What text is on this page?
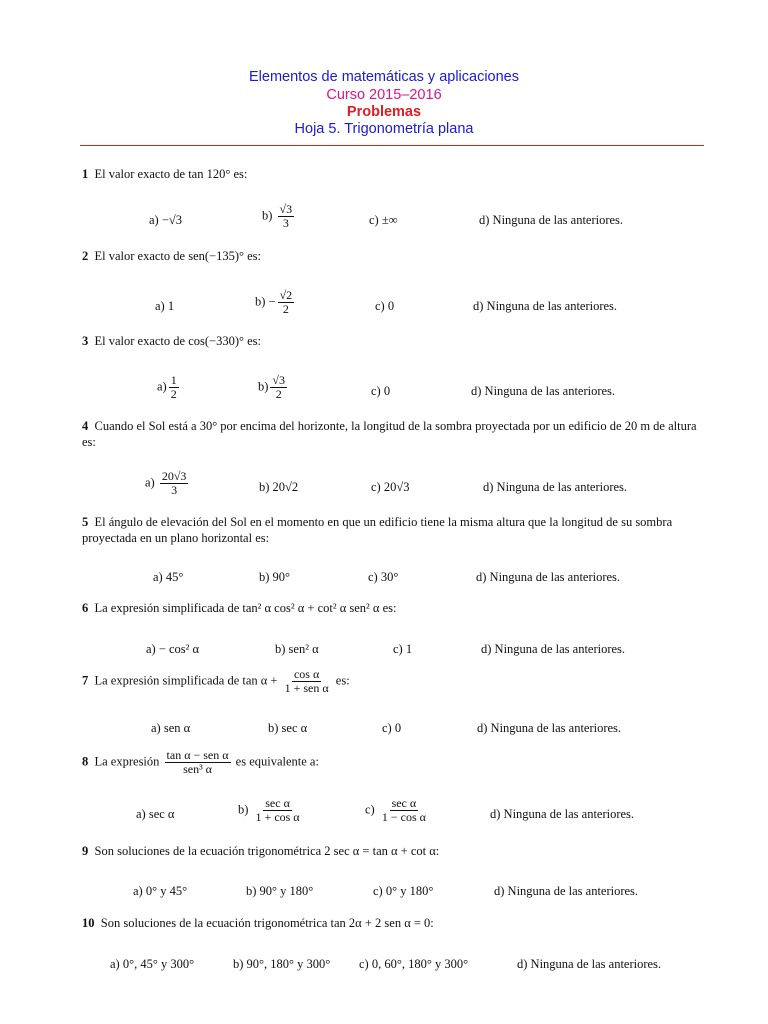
Elementos de matemáticas y aplicaciones
Curso 2015–2016
Problemas
Hoja 5. Trigonometría plana
1 El valor exacto de tan 120° es:
a) −√3	$b) \frac{√3}{3}$	c) ±∞	d) Ninguna de las anteriores.
2 El valor exacto de sen(−135)° es:
a) 1	$b) - \frac{√2}{2}$	c) 0	d) Ninguna de las anteriores.
3 El valor exacto de cos(−330)° es:
$a) \frac{1}{2}$	$b) \frac{√3}{2}$	c) 0	d) Ninguna de las anteriores.
4 Cuando el Sol está a 30° por encima del horizonte, la longitud de la sombra proyectada por un edificio de 20 m de altura es:
$a) \frac{20√3}{3}$	b) 20√2	c) 20√3	d) Ninguna de las anteriores.
5 El ángulo de elevación del Sol en el momento en que un edificio tiene la misma altura que la longitud de su sombra proyectada en un plano horizontal es:
a) 45°	b) 90°	c) 30°	d) Ninguna de las anteriores.
6 La expresión simplificada de tan² α cos² α + cot² α sen² α es:
a) − cos² α	b) sen² α	c) 1	d) Ninguna de las anteriores.
7 La expresión simplificada de $\tan \alpha + \frac{\text{cos α}}{\text{1 + sen α}}$ es:
a) sen α	b) sec α	c) 0	d) Ninguna de las anteriores.
8 La expresión $\frac{\text{tan α − sen α}}{\text{sen³ α}}$ es equivalente a:
a) sec α	$b) \frac{\text{sec α}}{\text{1 + cos α}}$	$c) \frac{\text{sec α}}{\text{1 − cos α}}$	d) Ninguna de las anteriores.
9 Son soluciones de la ecuación trigonométrica 2 sec α = tan α + cot α:
a) 0° y 45°	b) 90° y 180°	c) 0° y 180°	d) Ninguna de las anteriores.
10 Son soluciones de la ecuación trigonométrica tan 2α + 2 sen α = 0:
a) 0°, 45° y 300°	b) 90°, 180° y 300° c) 0, 60°, 180° y 300°	d) Ninguna de las anteriores.
